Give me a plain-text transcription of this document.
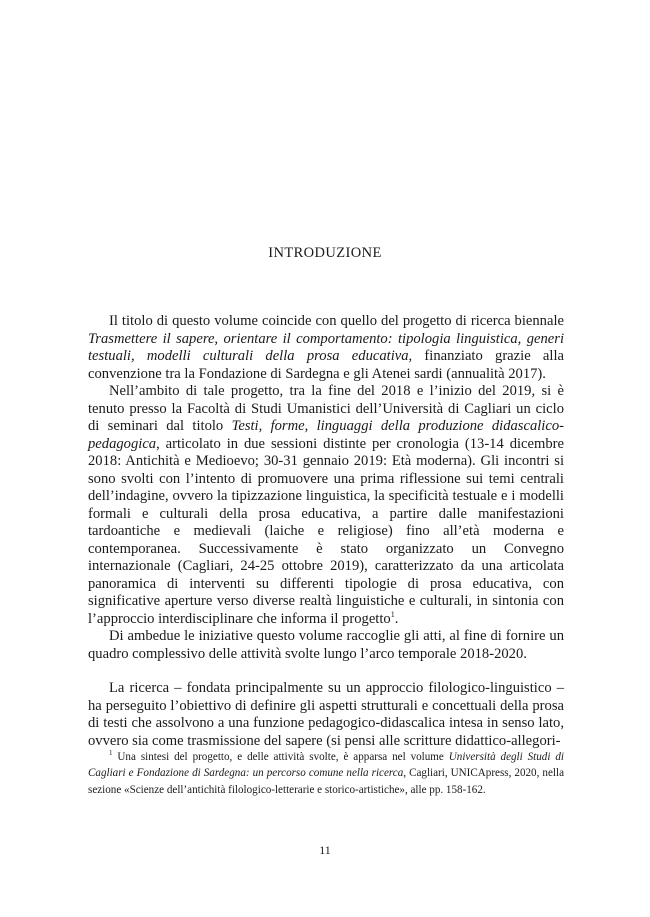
INTRODUZIONE

Il titolo di questo volume coincide con quello del progetto di ricerca biennale Trasmettere il sapere, orientare il comportamento: tipologia linguistica, generi testuali, modelli culturali della prosa educativa, finanziato grazie alla convenzione tra la Fondazione di Sardegna e gli Atenei sardi (annualità 2017).

Nell’ambito di tale progetto, tra la fine del 2018 e l’inizio del 2019, si è tenuto presso la Facoltà di Studi Umanistici dell’Università di Cagliari un ciclo di seminari dal titolo Testi, forme, linguaggi della produzione didascalico-pedagogica, articolato in due sessioni distinte per cronologia (13-14 dicembre 2018: Antichità e Medioevo; 30-31 gennaio 2019: Età moderna). Gli incontri si sono svolti con l’intento di promuovere una prima riflessione sui temi centrali dell’indagine, ovvero la tipizzazione linguistica, la specificità testuale e i modelli formali e culturali della prosa educativa, a partire dalle manifestazioni tardoantiche e medievali (laiche e religiose) fino all’età moderna e contemporanea. Successivamente è stato organizzato un Convegno internazionale (Cagliari, 24-25 ottobre 2019), caratterizzato da una articolata panoramica di interventi su differenti tipologie di prosa educativa, con significative aperture verso diverse realtà linguistiche e culturali, in sintonia con l’approccio interdisciplinare che informa il progetto$^1$.

Di ambedue le iniziative questo volume raccoglie gli atti, al fine di fornire un quadro complessivo delle attività svolte lungo l’arco temporale 2018-2020.

La ricerca – fondata principalmente su un approccio filologico-linguistico – ha perseguito l’obiettivo di definire gli aspetti strutturali e concettuali della prosa di testi che assolvono a una funzione pedagogico-didascalica intesa in senso lato, ovvero sia come trasmissione del sapere (si pensi alle scritture didattico-allegori-

$^1$ Una sintesi del progetto, e delle attività svolte, è apparsa nel volume Università degli Studi di Cagliari e Fondazione di Sardegna: un percorso comune nella ricerca, Cagliari, UNICApress, 2020, nella sezione «Scienze dell’antichità filologico-letterarie e storico-artistiche», alle pp. 158-162.
11
